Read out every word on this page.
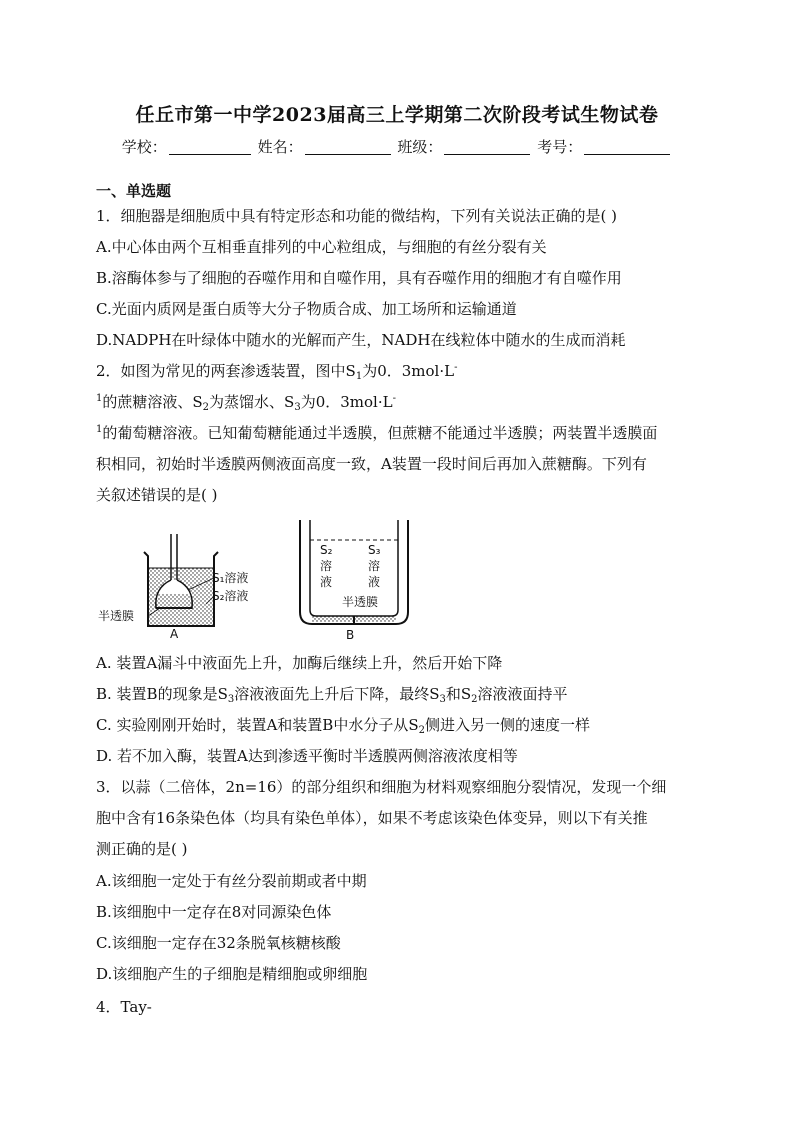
任丘市第一中学2023届高三上学期第二次阶段考试生物试卷
学校：	姓名：	班级：	考号：
一、单选题
1．细胞器是细胞质中具有特定形态和功能的微结构，下列有关说法正确的是( )
A.中心体由两个互相垂直排列的中心粒组成，与细胞的有丝分裂有关
B.溶酶体参与了细胞的吞噬作用和自噬作用，具有吞噬作用的细胞才有自噬作用
C.光面内质网是蛋白质等大分子物质合成、加工场所和运输通道
D.NADPH在叶绿体中随水的光解而产生，NADH在线粒体中随水的生成而消耗
2．如图为常见的两套渗透装置，图中$S_1$为0．3mol·L-
$^1$的蔗糖溶液、$S_2$为蒸馏水、$S_3$为0．3mol·L-
$^1$的葡萄糖溶液。已知葡萄糖能通过半透膜，但蔗糖不能通过半透膜；两装置半透膜面
积相同，初始时半透膜两侧液面高度一致，A装置一段时间后再加入蔗糖酶。下列有
关叙述错误的是( )
S₁溶液
S₂溶液
半透膜
A
S₂
溶
液
S₃
溶
液
半透膜
B
A. 装置A漏斗中液面先上升，加酶后继续上升，然后开始下降
B. 装置B的现象是$S_3$溶液液面先上升后下降，最终$S_3$和$S_2$溶液液面持平
C. 实验刚刚开始时，装置A和装置B中水分子从$S_2$侧进入另一侧的速度一样
D. 若不加入酶，装置A达到渗透平衡时半透膜两侧溶液浓度相等
3．以蒜（二倍体，2n=16）的部分组织和细胞为材料观察细胞分裂情况，发现一个细
胞中含有16条染色体（均具有染色单体），如果不考虑该染色体变异，则以下有关推
测正确的是( )
A.该细胞一定处于有丝分裂前期或者中期
B.该细胞中一定存在8对同源染色体
C.该细胞一定存在32条脱氧核糖核酸
D.该细胞产生的子细胞是精细胞或卵细胞
4．Tay-
